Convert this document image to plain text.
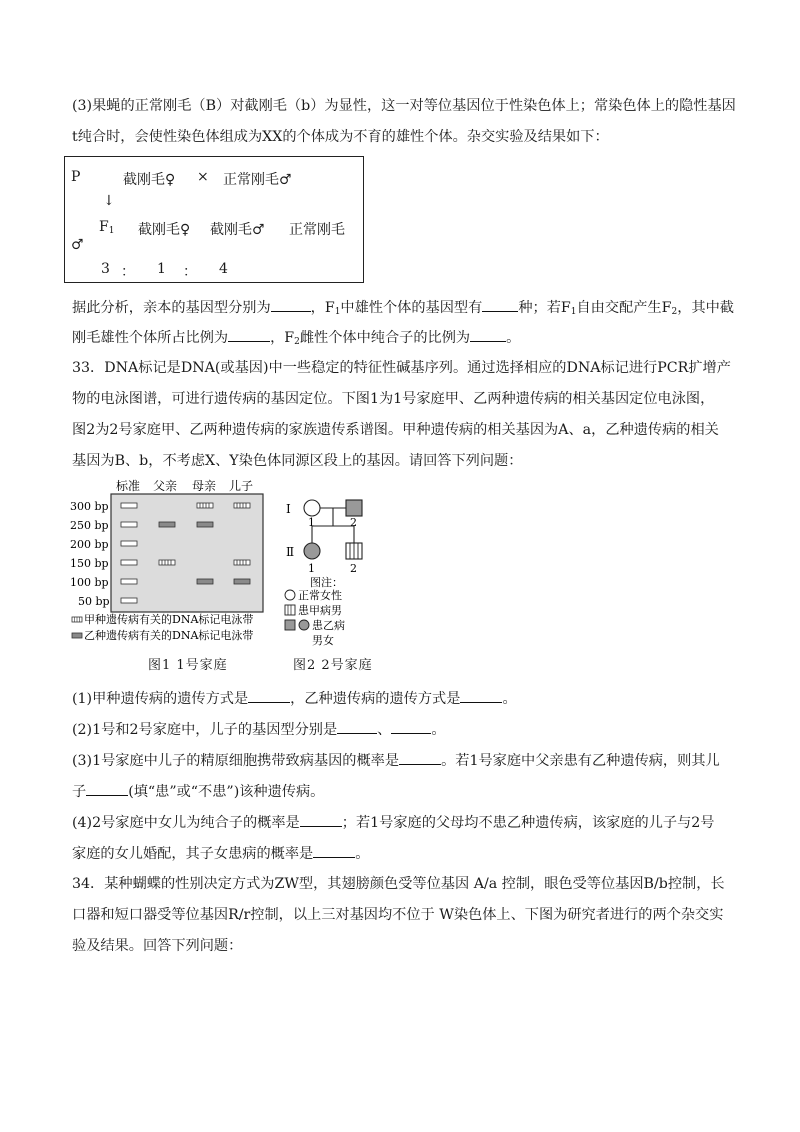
(3)果蝇的正常刚毛（B）对截刚毛（b）为显性，这一对等位基因位于性染色体上；常染色体上的隐性基因
t纯合时，会使性染色体组成为XX的个体成为不育的雄性个体。杂交实验及结果如下：
P	截刚毛♀ × 正常刚毛♂
↓
$F_1$ 截刚毛♀ 截刚毛♂ 正常刚毛
♂
3 ： 1 ： 4
据此分析，亲本的基因型分别为	，$F_1$中雄性个体的基因型有	种；若$F_1$自由交配产生$F_2$，其中截
刚毛雄性个体所占比例为	，$F_2$雌性个体中纯合子的比例为	。
33．DNA标记是DNA(或基因)中一些稳定的特征性碱基序列。通过选择相应的DNA标记进行PCR扩增产
物的电泳图谱，可进行遗传病的基因定位。下图1为1号家庭甲、乙两种遗传病的相关基因定位电泳图，
图2为2号家庭甲、乙两种遗传病的家族遗传系谱图。甲种遗传病的相关基因为A、a，乙种遗传病的相关
基因为B、b，不考虑X、Y染色体同源区段上的基因。请回答下列问题：
标准 父亲 母亲 儿子
300 bp
250 bp
200 bp
150 bp
100 bp
50 bp
甲种遗传病有关的DNA标记电泳带
乙种遗传病有关的DNA标记电泳带
Ⅰ
1	2
Ⅱ
1	2
图注：
正常女性
患甲病男
患乙病
男女
图1 1号家庭	图2 2号家庭
(1)甲种遗传病的遗传方式是	，乙种遗传病的遗传方式是	。
(2)1号和2号家庭中，儿子的基因型分别是	、	。
(3)1号家庭中儿子的精原细胞携带致病基因的概率是	。若1号家庭中父亲患有乙种遗传病，则其儿
子	(填“患”或“不患”)该种遗传病。
(4)2号家庭中女儿为纯合子的概率是	；若1号家庭的父母均不患乙种遗传病，该家庭的儿子与2号
家庭的女儿婚配，其子女患病的概率是	。
34．某种蝴蝶的性别决定方式为ZW型，其翅膀颜色受等位基因 A/a 控制，眼色受等位基因B/b控制，长
口器和短口器受等位基因R/r控制，以上三对基因均不位于 W染色体上、下图为研究者进行的两个杂交实
验及结果。回答下列问题：
